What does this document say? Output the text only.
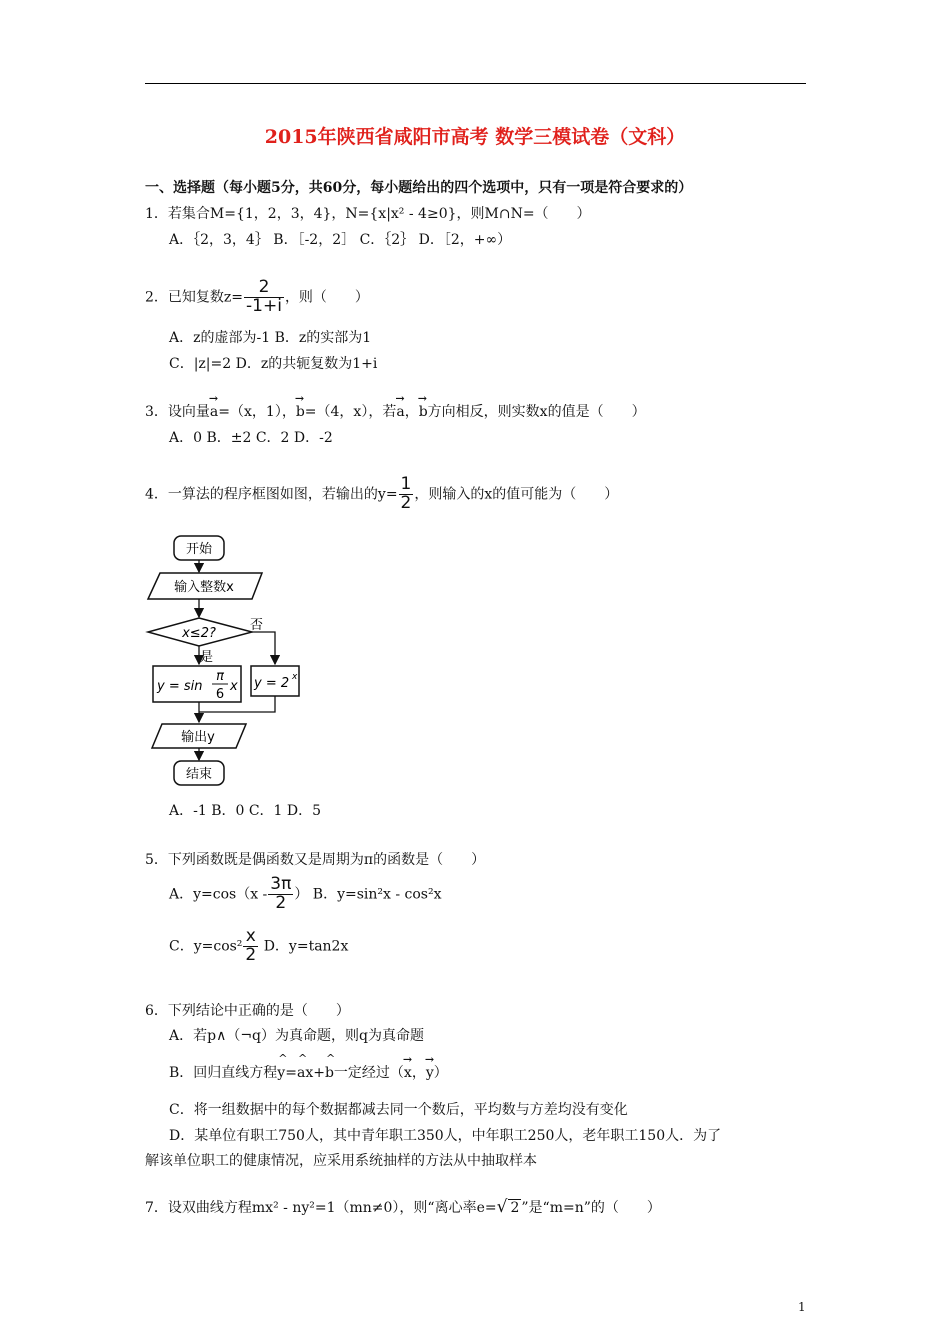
2015年陕西省咸阳市高考 数学三模试卷（文科）
一、选择题（每小题5分，共60分，每小题给出的四个选项中，只有一项是符合要求的）
1．若集合M={1，2，3，4}，N={x|x² - 4≥0}，则M∩N=（　　）
A．｛2，3，4｝ B．［-2，2］ C．｛2｝ D．［2，+∞）
2．已知复数$z= \frac{2}{-1+i}$ ，则（　　）
A．z的虚部为-1 B．z的实部为1
C．|z|=2 D．z的共轭复数为1+i
3．设向量→ a=（x，1），→ b=（4，x），若→ a，→ b方向相反，则实数x的值是（　　）
A．0 B．±2 C．2 D．-2
4．一算法的程序框图如图，若输出的$y= \frac{1}{2}$ ，则输入的x的值可能为（　　）
开始
输入整数x
x≤2?
否
是
y = sin
π
6
x y = 2 x
输出y
结束
A．-1 B．0 C．1 D．5
5．下列函数既是偶函数又是周期为π的函数是（　　）
A．$y=\cos(x - \frac{3\pi}{2}$ ） B．y=sin²x - cos²x
C．$y=\cos^2 \frac{x}{2}$ D．y=tan2x
6．下列结论中正确的是（　　）
A．若p∧（¬q）为真命题，则q为真命题
B．回归直线方程^ y=^ ax+^ b一定经过（→ x，→ y）
C．将一组数据中的每个数据都减去同一个数后，平均数与方差均没有变化
D．某单位有职工750人，其中青年职工350人，中年职工250人，老年职工150人．为了
解该单位职工的健康情况，应采用系统抽样的方法从中抽取样本
7．设双曲线方程mx² - ny²=1（mn≠0），则“离心率e=√ 2 ”是“m=n”的（　　）
1
